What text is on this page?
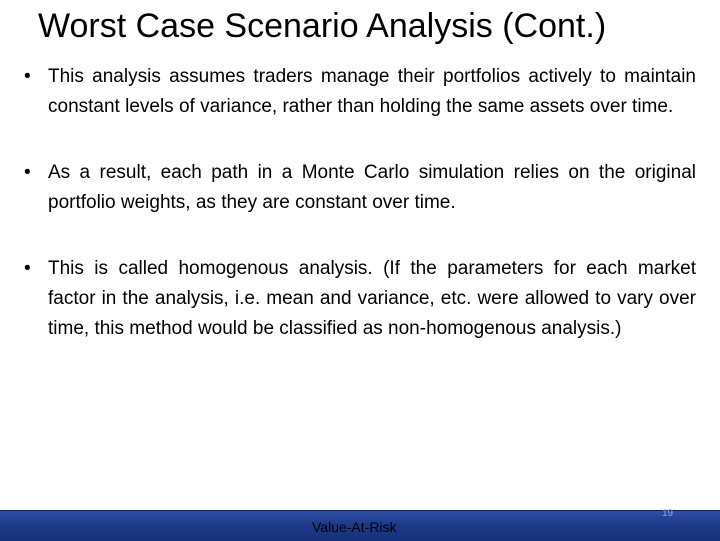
Worst Case Scenario Analysis (Cont.)
• This analysis assumes traders manage their portfolios actively to maintain constant levels of variance, rather than holding the same assets over time.
• As a result, each path in a Monte Carlo simulation relies on the original portfolio weights, as they are constant over time.
• This is called homogenous analysis. (If the parameters for each market factor in the analysis, i.e. mean and variance, etc. were allowed to vary over time, this method would be classified as non-homogenous analysis.)
Value-At-Risk
19
